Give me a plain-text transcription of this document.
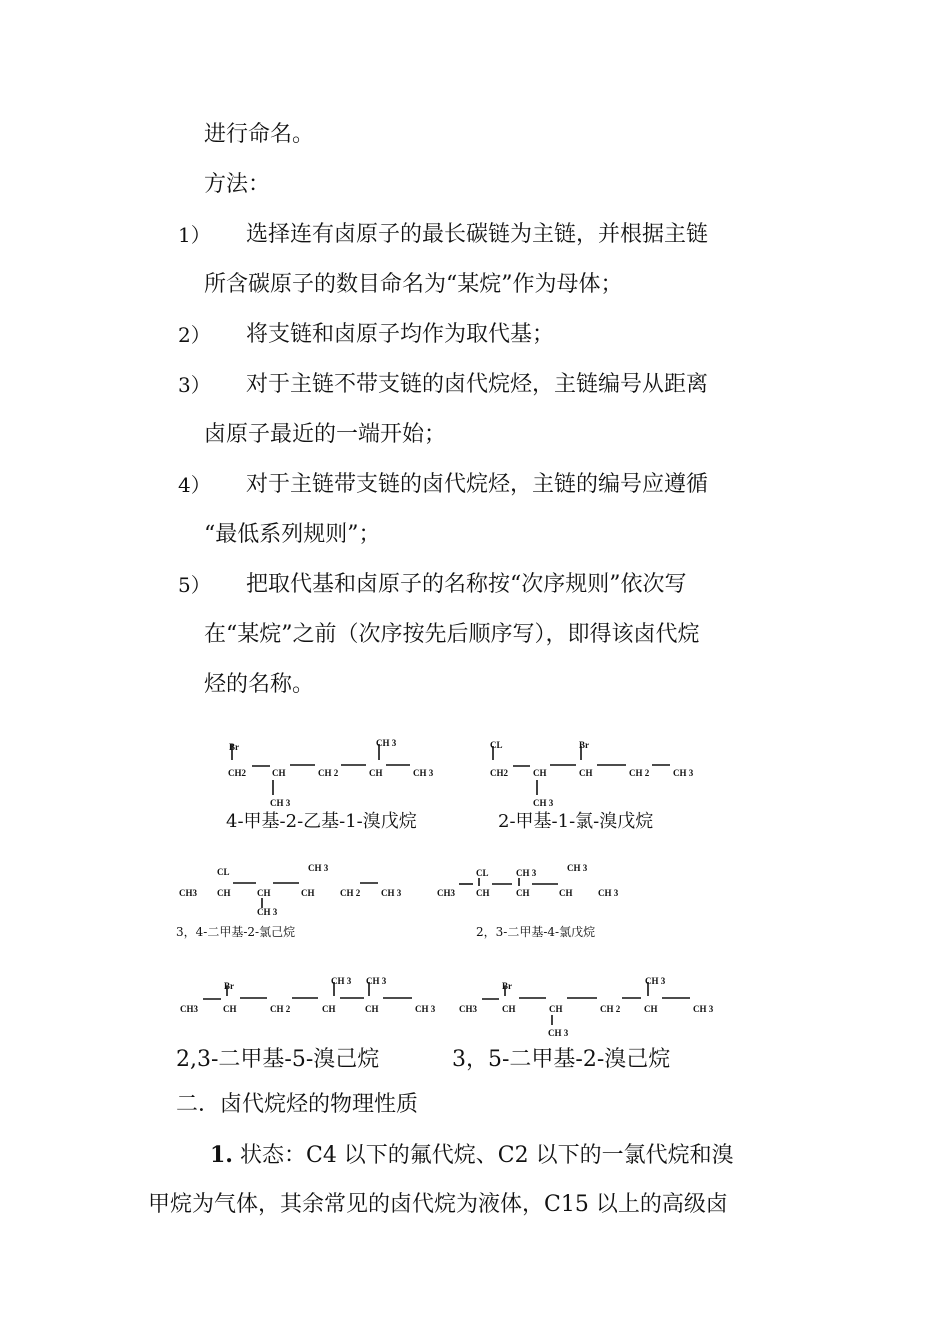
进行命名。
方法：
1） 选择连有卤原子的最长碳链为主链，并根据主链
所含碳原子的数目命名为“某烷”作为母体；
2） 将支链和卤原子均作为取代基；
3） 对于主链不带支链的卤代烷烃，主链编号从距离
卤原子最近的一端开始；
4） 对于主链带支链的卤代烷烃，主链的编号应遵循
“最低系列规则”；
5） 把取代基和卤原子的名称按“次序规则”依次写
在“某烷”之前（次序按先后顺序写），即得该卤代烷
烃的名称。
Br	CH 3
CH2	CH	CH 2	CH	CH 3
CH 3
CL	Br
CH2	CH	CH	CH 2	CH 3
CH 3
CL	CH 3
CH3 CH	CH	CH	CH 2 CH 3
CH 3
CL	CH 3	CH 3
CH3 CH	CH	CH	CH 3
Br	CH 3 CH 3
CH3	CH	CH 2	CH	CH	CH 3
Br	CH 3
CH3	CH	CH	CH 2	CH	CH 3
CH 3
4-甲基-2-乙基-1-溴戊烷	2-甲基-1-氯-溴戊烷
3，4-二甲基-2-氯己烷	2，3-二甲基-4-氯戊烷
2,3-二甲基-5-溴己烷	3，5-二甲基-2-溴己烷
二．卤代烷烃的物理性质
1. 状态：C4 以下的氟代烷、C2 以下的一氯代烷和溴
甲烷为气体，其余常见的卤代烷为液体，C15 以上的高级卤
